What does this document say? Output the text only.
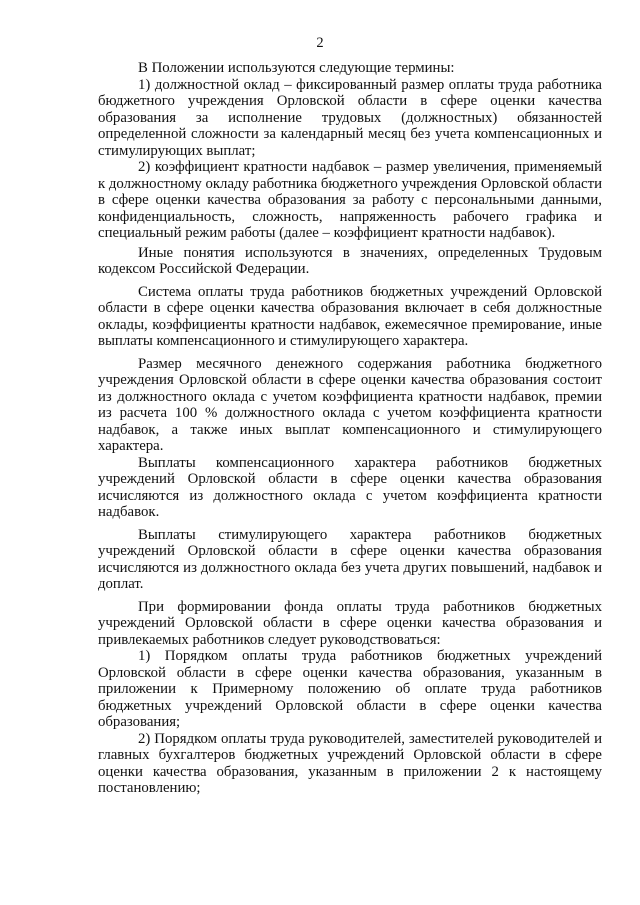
2

В Положении используются следующие термины:

1) должностной оклад – фиксированный размер оплаты труда работника бюджетного учреждения Орловской области в сфере оценки качества образования за исполнение трудовых (должностных) обязанностей определенной сложности за календарный месяц без учета компенсационных и стимулирующих выплат;

2) коэффициент кратности надбавок – размер увеличения, применяемый к должностному окладу работника бюджетного учреждения Орловской области в сфере оценки качества образования за работу с персональными данными, конфиденциальность, сложность, напряженность рабочего графика и специальный режим работы (далее – коэффициент кратности надбавок).

Иные понятия используются в значениях, определенных Трудовым кодексом Российской Федерации.

Система оплаты труда работников бюджетных учреждений Орловской области в сфере оценки качества образования включает в себя должностные оклады, коэффициенты кратности надбавок, ежемесячное премирование, иные выплаты компенсационного и стимулирующего характера.

Размер месячного денежного содержания работника бюджетного учреждения Орловской области в сфере оценки качества образования состоит из должностного оклада с учетом коэффициента кратности надбавок, премии из расчета 100 % должностного оклада с учетом коэффициента кратности надбавок, а также иных выплат компенсационного и стимулирующего характера.

Выплаты компенсационного характера работников бюджетных учреждений Орловской области в сфере оценки качества образования исчисляются из должностного оклада с учетом коэффициента кратности надбавок.

Выплаты стимулирующего характера работников бюджетных учреждений Орловской области в сфере оценки качества образования исчисляются из должностного оклада без учета других повышений, надбавок и доплат.

При формировании фонда оплаты труда работников бюджетных учреждений Орловской области в сфере оценки качества образования и привлекаемых работников следует руководствоваться:

1) Порядком оплаты труда работников бюджетных учреждений Орловской области в сфере оценки качества образования, указанным в приложении к Примерному положению об оплате труда работников бюджетных учреждений Орловской области в сфере оценки качества образования;

2) Порядком оплаты труда руководителей, заместителей руководителей и главных бухгалтеров бюджетных учреждений Орловской области в сфере оценки качества образования, указанным в приложении 2 к настоящему постановлению;
